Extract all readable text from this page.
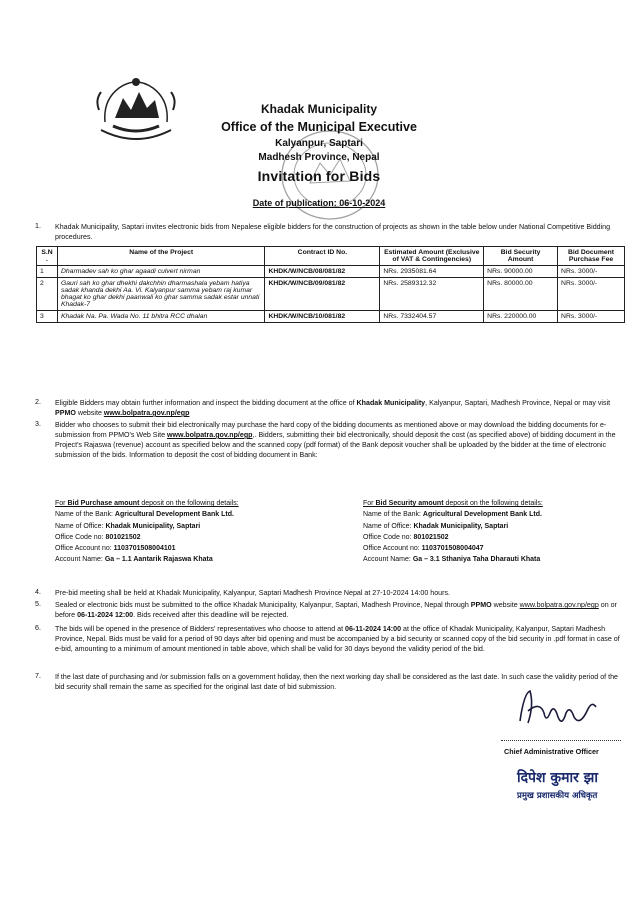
Khadak Municipality
Office of the Municipal Executive
Kalyanpur, Saptari
Madhesh Province, Nepal
Invitation for Bids
Date of publication: 06-10-2024
1. Khadak Municipality, Saptari invites electronic bids from Nepalese eligible bidders for the construction of projects as shown in the table below under National Competitive Bidding procedures.
S.N .	Name of the Project	Contract ID No.	Estimated Amount (Exclusive of VAT & Contingencies)	Bid Security Amount	Bid Document Purchase Fee
1	Dharmadev sah ko ghar agaadi culvert nirman	KHDK/W/NCB/08/081/82	NRs. 2935081.64	NRs. 90000.00	NRs. 3000/-
2	Gauri sah ko ghar dhekhi dakchhin dharmashala yebam hatiya sadak khanda dekhi Aa. Vi. Kalyanpur samma yebam raj kumar bhagat ko ghar dekhi paanwali ko ghar samma sadak estar unnati Khadak-7	KHDK/W/NCB/09/081/82	NRs. 2589312.32	NRs. 80000.00	NRs. 3000/-
3	Khadak Na. Pa. Wada No. 11 bhitra RCC dhalan	KHDK/W/NCB/10/081/82	NRs. 7332404.57	NRs. 220000.00	NRs. 3000/-
2. Eligible Bidders may obtain further information and inspect the bidding document at the office of Khadak Municipality, Kalyanpur, Saptari, Madhesh Province, Nepal or may visit PPMO website www.bolpatra.gov.np/egp
3. Bidder who chooses to submit their bid electronically may purchase the hard copy of the bidding documents as mentioned above or may download the bidding documents for e-submission from PPMO's Web Site www.bolpatra.gov.np/egp,. Bidders, submitting their bid electronically, should deposit the cost (as specified above) of bidding document in the Project's Rajaswa (revenue) account as specified below and the scanned copy (pdf format) of the Bank deposit voucher shall be uploaded by the bidder at the time of electronic submission of the bids. Information to deposit the cost of bidding document in Bank:
For Bid Purchase amount deposit on the following details:
Name of the Bank: Agricultural Development Bank Ltd.
Name of Office: Khadak Municipality, Saptari
Office Code no: 801021502
Office Account no: 1103701508004101
Account Name: Ga – 1.1 Aantarik Rajaswa Khata
For Bid Security amount deposit on the following details:
Name of the Bank: Agricultural Development Bank Ltd.
Name of Office: Khadak Municipality, Saptari
Office Code no: 801021502
Office Account no: 1103701508004047
Account Name: Ga – 3.1 Sthaniya Taha Dharauti Khata
4. Pre-bid meeting shall be held at Khadak Municipality, Kalyanpur, Saptari Madhesh Province Nepal at 27-10-2024 14:00 hours.
5. Sealed or electronic bids must be submitted to the office Khadak Municipality, Kalyanpur, Saptari, Madhesh Province, Nepal through PPMO website www.bolpatra.gov.np/egp on or before 06-11-2024 12:00. Bids received after this deadline will be rejected.
6. The bids will be opened in the presence of Bidders' representatives who choose to attend at 06-11-2024 14:00 at the office of Khadak Municipality, Kalyanpur, Saptari Madhesh Province, Nepal. Bids must be valid for a period of 90 days after bid opening and must be accompanied by a bid security or scanned copy of the bid security in .pdf format in case of e-bid, amounting to a minimum of amount mentioned in table above, which shall be valid for 30 days beyond the validity period of the bid.
7. If the last date of purchasing and /or submission falls on a government holiday, then the next working day shall be considered as the last date. In such case the validity period of the bid security shall remain the same as specified for the original last date of bid submission.
Chief Administrative Officer
दिपेश कुमार झा
प्रमुख प्रशासकीय अधिकृत
